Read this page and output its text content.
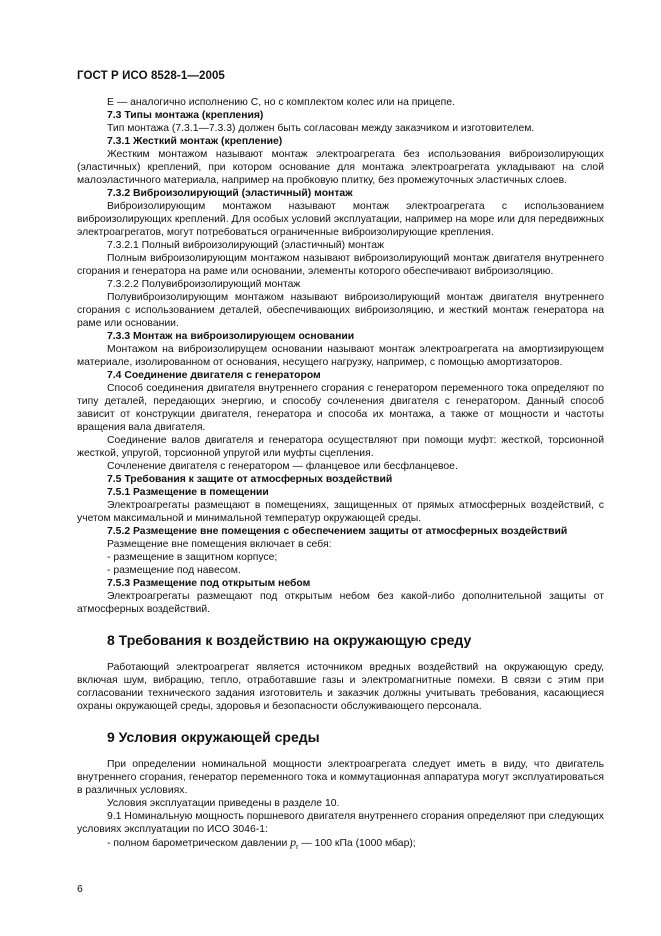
ГОСТ Р ИСО 8528-1—2005

Е — аналогично исполнению С, но с комплектом колес или на прицепе.

7.3 Типы монтажа (крепления)

Тип монтажа (7.3.1—7.3.3) должен быть согласован между заказчиком и изготовителем.

7.3.1 Жесткий монтаж (крепление)

Жестким монтажом называют монтаж электроагрегата без использования виброизолирующих (эластичных) креплений, при котором основание для монтажа электроагрегата укладывают на слой малоэластичного материала, например на пробковую плитку, без промежуточных эластичных слоев.

7.3.2 Виброизолирующий (эластичный) монтаж

Виброизолирующим монтажом называют монтаж электроагрегата с использованием виброизолирующих креплений. Для особых условий эксплуатации, например на море или для передвижных электроагрегатов, могут потребоваться ограниченные виброизолирующие крепления.

7.3.2.1 Полный виброизолирующий (эластичный) монтаж

Полным виброизолирующим монтажом называют виброизолирующий монтаж двигателя внутреннего сгорания и генератора на раме или основании, элементы которого обеспечивают виброизоляцию.

7.3.2.2 Полувиброизолирующий монтаж

Полувиброизолирующим монтажом называют виброизолирующий монтаж двигателя внутреннего сгорания с использованием деталей, обеспечивающих виброизоляцию, и жесткий монтаж генератора на раме или основании.

7.3.3 Монтаж на виброизолирующем основании

Монтажом на виброизолирущем основании называют монтаж электроагрегата на амортизирующем материале, изолированном от основания, несущего нагрузку, например, с помощью амортизаторов.

7.4 Соединение двигателя с генератором

Способ соединения двигателя внутреннего сгорания с генератором переменного тока определяют по типу деталей, передающих энергию, и способу сочленения двигателя с генератором. Данный способ зависит от конструкции двигателя, генератора и способа их монтажа, а также от мощности и частоты вращения вала двигателя.

Соединение валов двигателя и генератора осуществляют при помощи муфт: жесткой, торсионной жесткой, упругой, торсионной упругой или муфты сцепления.

Сочленение двигателя с генератором — фланцевое или бесфланцевое.

7.5 Требования к защите от атмосферных воздействий

7.5.1 Размещение в помещении

Электроагрегаты размещают в помещениях, защищенных от прямых атмосферных воздействий, с учетом максимальной и минимальной температур окружающей среды.

7.5.2 Размещение вне помещения с обеспечением защиты от атмосферных воздействий

Размещение вне помещения включает в себя:

- размещение в защитном корпусе;

- размещение под навесом.

7.5.3 Размещение под открытым небом

Электроагрегаты размещают под открытым небом без какой-либо дополнительной защиты от атмосферных воздействий.

8 Требования к воздействию на окружающую среду

Работающий электроагрегат является источником вредных воздействий на окружающую среду, включая шум, вибрацию, тепло, отработавшие газы и электромагнитные помехи. В связи с этим при согласовании технического задания изготовитель и заказчик должны учитывать требования, касающиеся охраны окружающей среды, здоровья и безопасности обслуживающего персонала.

9 Условия окружающей среды

При определении номинальной мощности электроагрегата следует иметь в виду, что двигатель внутреннего сгорания, генератор переменного тока и коммутационная аппаратура могут эксплуатироваться в различных условиях.

Условия эксплуатации приведены в разделе 10.

9.1 Номинальную мощность поршневого двигателя внутреннего сгорания определяют при следующих условиях эксплуатации по ИСО 3046-1:

- полном барометрическом давлении $p_r$ — 100 кПа (1000 мбар);

6
